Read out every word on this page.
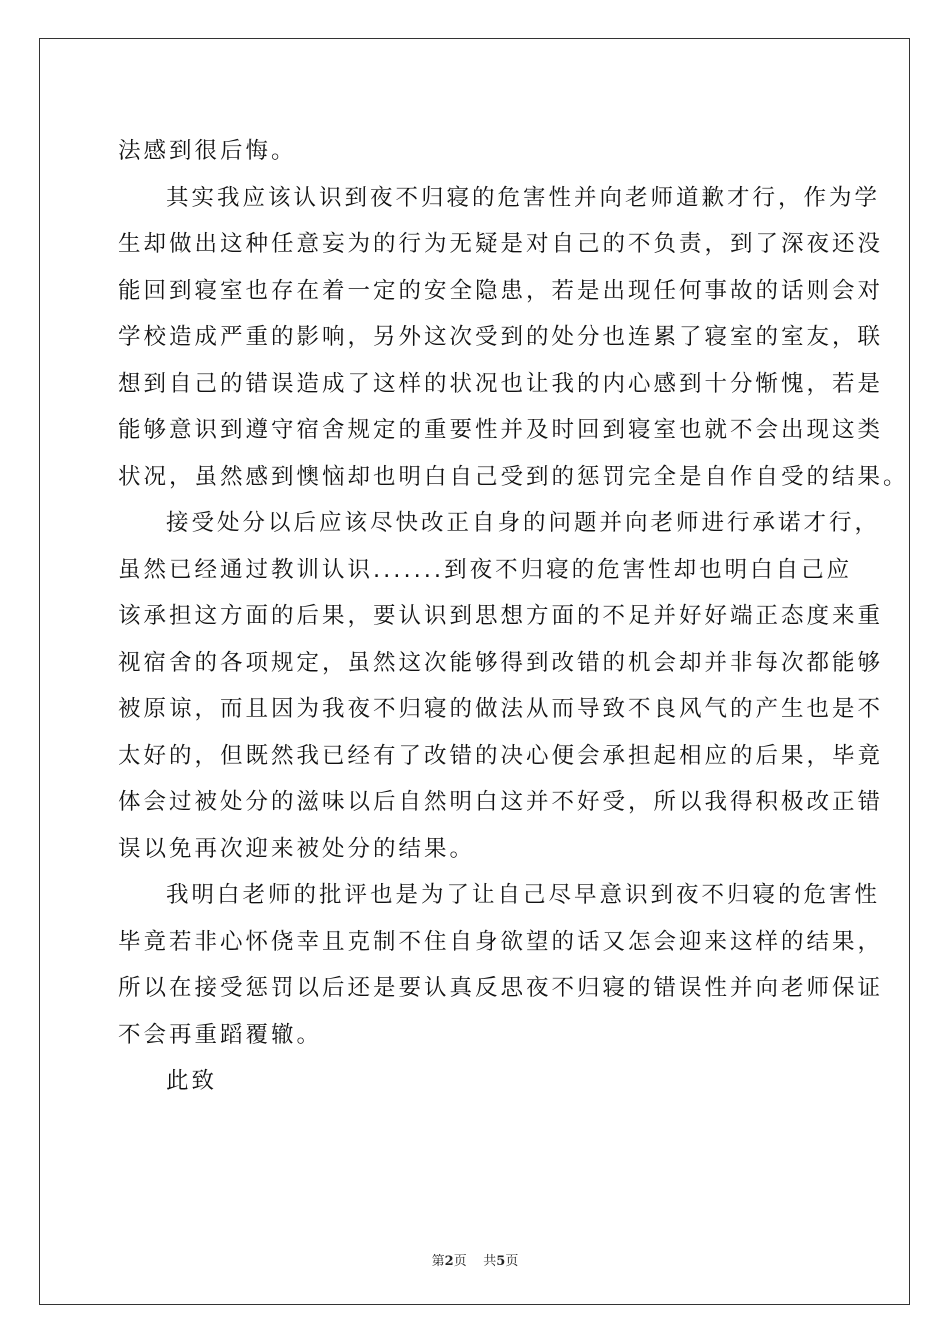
法感到很后悔。
其实我应该认识到夜不归寝的危害性并向老师道歉才行，作为学
生却做出这种任意妄为的行为无疑是对自己的不负责，到了深夜还没
能回到寝室也存在着一定的安全隐患，若是出现任何事故的话则会对
学校造成严重的影响，另外这次受到的处分也连累了寝室的室友，联
想到自己的错误造成了这样的状况也让我的内心感到十分惭愧，若是
能够意识到遵守宿舍规定的重要性并及时回到寝室也就不会出现这类
状况，虽然感到懊恼却也明白自己受到的惩罚完全是自作自受的结果。
接受处分以后应该尽快改正自身的问题并向老师进行承诺才行，
虽然已经通过教训认识.......到夜不归寝的危害性却也明白自己应
该承担这方面的后果，要认识到思想方面的不足并好好端正态度来重
视宿舍的各项规定，虽然这次能够得到改错的机会却并非每次都能够
被原谅，而且因为我夜不归寝的做法从而导致不良风气的产生也是不
太好的，但既然我已经有了改错的决心便会承担起相应的后果，毕竟
体会过被处分的滋味以后自然明白这并不好受，所以我得积极改正错
误以免再次迎来被处分的结果。
我明白老师的批评也是为了让自己尽早意识到夜不归寝的危害性
毕竟若非心怀侥幸且克制不住自身欲望的话又怎会迎来这样的结果，
所以在接受惩罚以后还是要认真反思夜不归寝的错误性并向老师保证
不会再重蹈覆辙。
此致
第2页 共5页
